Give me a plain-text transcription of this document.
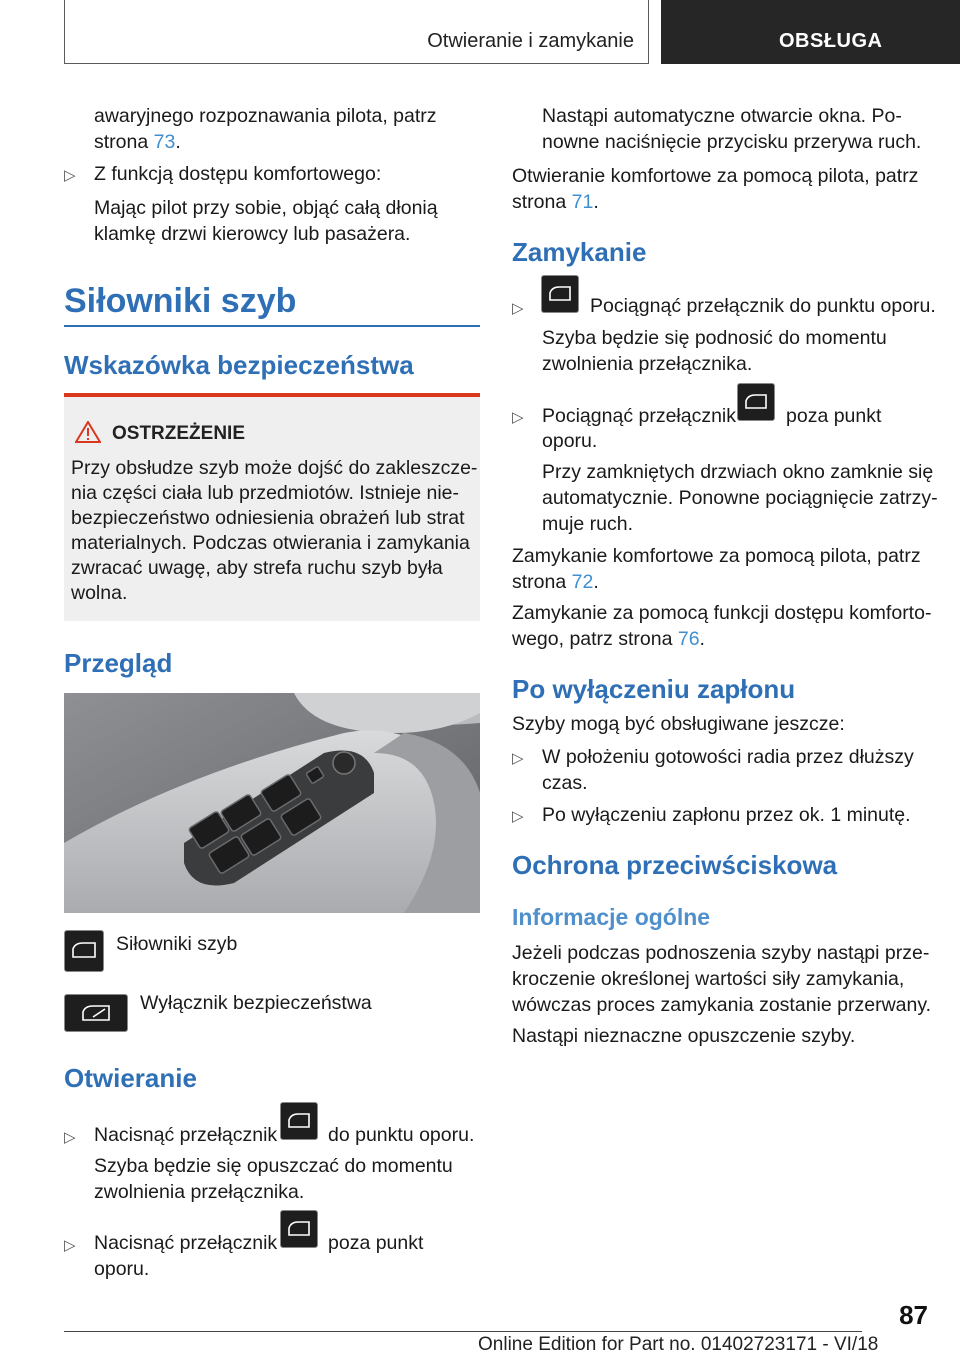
Otwieranie i zamykanie	OBSŁUGA

awaryjnego rozpoznawania pilota, patrz

strona 73.

▷ Z funkcją dostępu komfortowego:

Mając pilot przy sobie, objąć całą dłonią

klamkę drzwi kierowcy lub pasażera.

Siłowniki szyb
Wskazówka bezpieczeństwa
OSTRZEŻENIE

Przy obsłudze szyb może dojść do zakleszcze-

nia części ciała lub przedmiotów. Istnieje nie-

bezpieczeństwo odniesienia obrażeń lub strat

materialnych. Podczas otwierania i zamykania

zwracać uwagę, aby strefa ruchu szyb była

wolna.

Przegląd

Siłowniki szyb

Wyłącznik bezpieczeństwa

Otwieranie
▷ Nacisnąć przełącznik	do punktu oporu.

Szyba będzie się opuszczać do momentu

zwolnienia przełącznika.

▷ Nacisnąć przełącznik	poza punkt

oporu.

Nastąpi automatyczne otwarcie okna. Po-

nowne naciśnięcie przycisku przerywa ruch.

Otwieranie komfortowe za pomocą pilota, patrz

strona 71.

Zamykanie
▷	Pociągnąć przełącznik do punktu oporu.

Szyba będzie się podnosić do momentu

zwolnienia przełącznika.

▷ Pociągnąć przełącznik	poza punkt

oporu.

Przy zamkniętych drzwiach okno zamknie się

automatycznie. Ponowne pociągnięcie zatrzy-

muje ruch.

Zamykanie komfortowe za pomocą pilota, patrz

strona 72.

Zamykanie za pomocą funkcji dostępu komforto-

wego, patrz strona 76.

Po wyłączeniu zapłonu

Szyby mogą być obsługiwane jeszcze:

▷ W położeniu gotowości radia przez dłuższy

czas.

▷ Po wyłączeniu zapłonu przez ok. 1 minutę.

Ochrona przeciwściskowa
Informacje ogólne

Jeżeli podczas podnoszenia szyby nastąpi prze-

kroczenie określonej wartości siły zamykania,

wówczas proces zamykania zostanie przerwany.

Nastąpi nieznaczne opuszczenie szyby.

87
Online Edition for Part no. 01402723171 - VI/18
